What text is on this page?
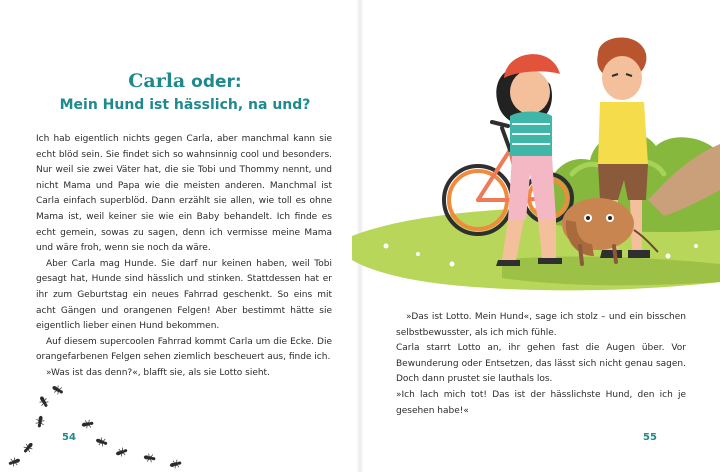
Carla oder:
Mein Hund ist hässlich, na und?

Ich hab eigentlich nichts gegen Carla, aber manchmal kann sie echt blöd sein. Sie findet sich so wahnsinnig cool und besonders. Nur weil sie zwei Väter hat, die sie Tobi und Thommy nennt, und nicht Mama und Papa wie die meisten anderen. Manchmal ist Carla einfach superblöd. Dann erzählt sie allen, wie toll es ohne Mama ist, weil keiner sie wie ein Baby behandelt. Ich finde es echt gemein, sowas zu sagen, denn ich vermisse meine Mama und wäre froh, wenn sie noch da wäre.

Aber Carla mag Hunde. Sie darf nur keinen haben, weil Tobi gesagt hat, Hunde sind hässlich und stinken. Stattdessen hat er ihr zum Geburtstag ein neues Fahrrad geschenkt. So eins mit acht Gängen und orangenen Felgen! Aber bestimmt hätte sie eigentlich lieber einen Hund bekommen.

Auf diesem supercoolen Fahrrad kommt Carla um die Ecke. Die orangefarbenen Felgen sehen ziemlich bescheuert aus, finde ich.

»Was ist das denn?«, blafft sie, als sie Lotto sieht.

»Das ist Lotto. Mein Hund«, sage ich stolz – und ein bisschen selbstbewusster, als ich mich fühle.

Carla starrt Lotto an, ihr gehen fast die Augen über. Vor Bewunderung oder Entsetzen, das lässt sich nicht genau sagen. Doch dann prustet sie lauthals los.

»Ich lach mich tot! Das ist der hässlichste Hund, den ich je gesehen habe!«

54	55
